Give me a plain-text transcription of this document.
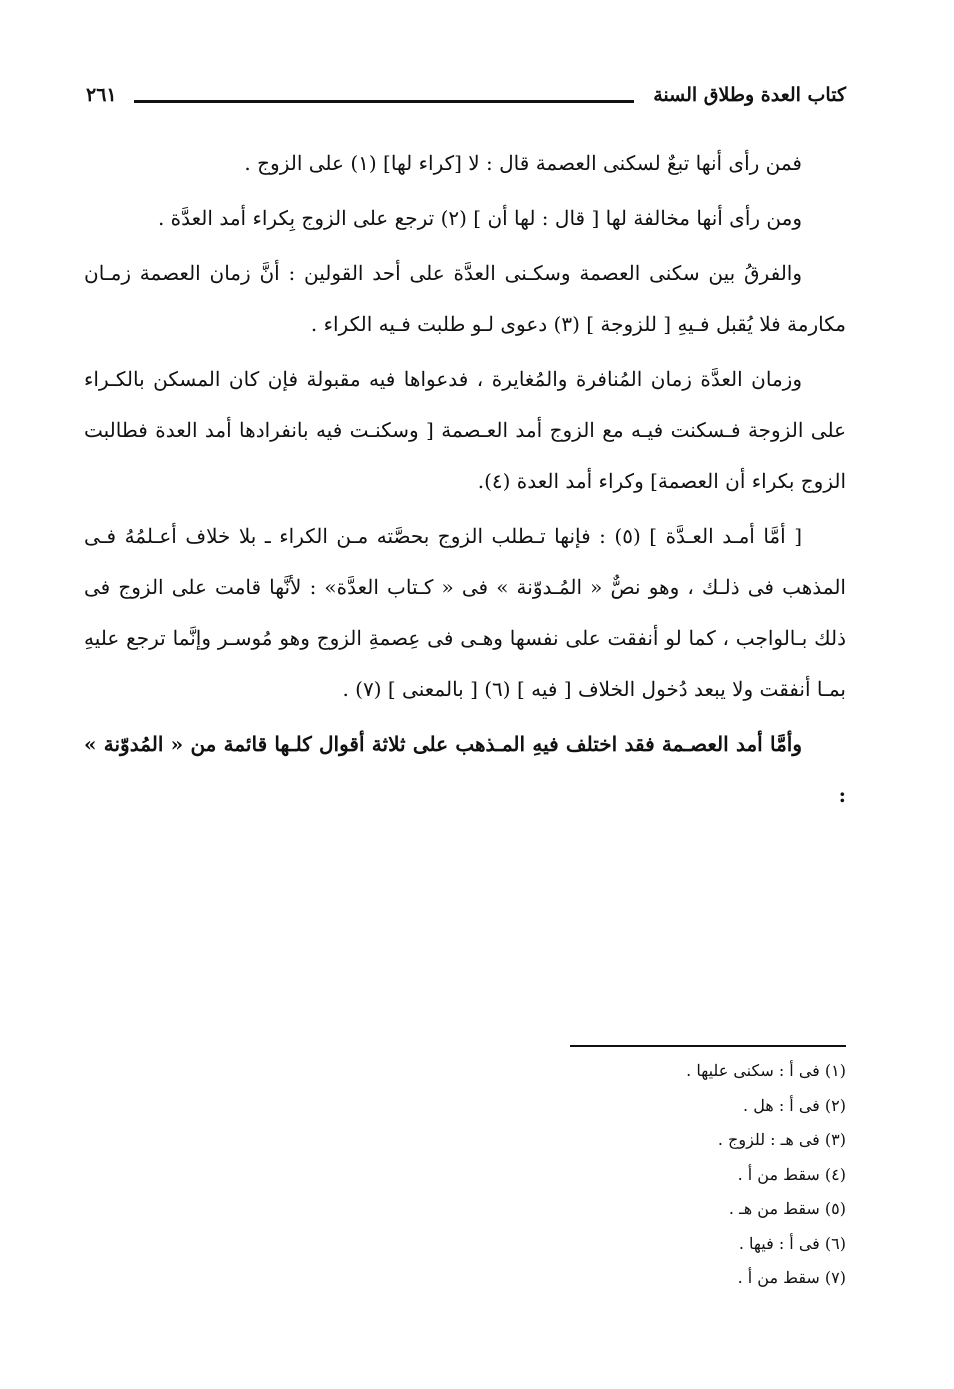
كتاب العدة وطلاق السنة
٢٦١

فمن رأى أنها تبعٌ لسكنى العصمة قال : لا [كراء لها] (١) على الزوج .

ومن رأى أنها مخالفة لها [ قال : لها أن ] (٢) ترجع على الزوج بِكراء أمد العدَّة .

والفرقُ بين سكنى العصمة وسكـنى العدَّة على أحد القولين : أنَّ زمان العصمة زمـان مكارمة فلا يُقبل فـيهِ [ للزوجة ] (٣) دعوى لـو طلبت فـيه الكراء .

وزمان العدَّة زمان المُنافرة والمُغايرة ، فدعواها فيه مقبولة فإن كان المسكن بالكـراء على الزوجة فـسكنت فيـه مع الزوج أمد العـصمة [ وسكنـت فيه بانفرادها أمد العدة فطالبت الزوج بكراء أن العصمة] وكراء أمد العدة (٤).

[ أمَّا أمـد العـدَّة ] (٥) : فإنها تـطلب الزوج بحصَّته مـن الكراء ـ بلا خلاف أعـلمُهُ فـى المذهب فى ذلـك ، وهو نصٌّ « المُـدوّنة » فى « كـتاب العدَّة» : لأنَّها قامت على الزوج فى ذلك بـالواجب ، كما لو أنفقت على نفسها وهـى فى عِصمةِ الزوج وهو مُوسـر وإنَّما ترجع عليهِ بمـا أنفقت ولا يبعد دُخول الخلاف [ فيه ] (٦) [ بالمعنى ] (٧) .

وأمَّا أمد العصـمة فقد اختلف فيهِ المـذهب على ثلاثة أقوال كلـها قائمة من « المُدوّنة » :

(١) فى أ : سكنى عليها .
(٢) فى أ : هل .
(٣) فى هـ : للزوج .
(٤) سقط من أ .
(٥) سقط من هـ .
(٦) فى أ : فيها .
(٧) سقط من أ .
